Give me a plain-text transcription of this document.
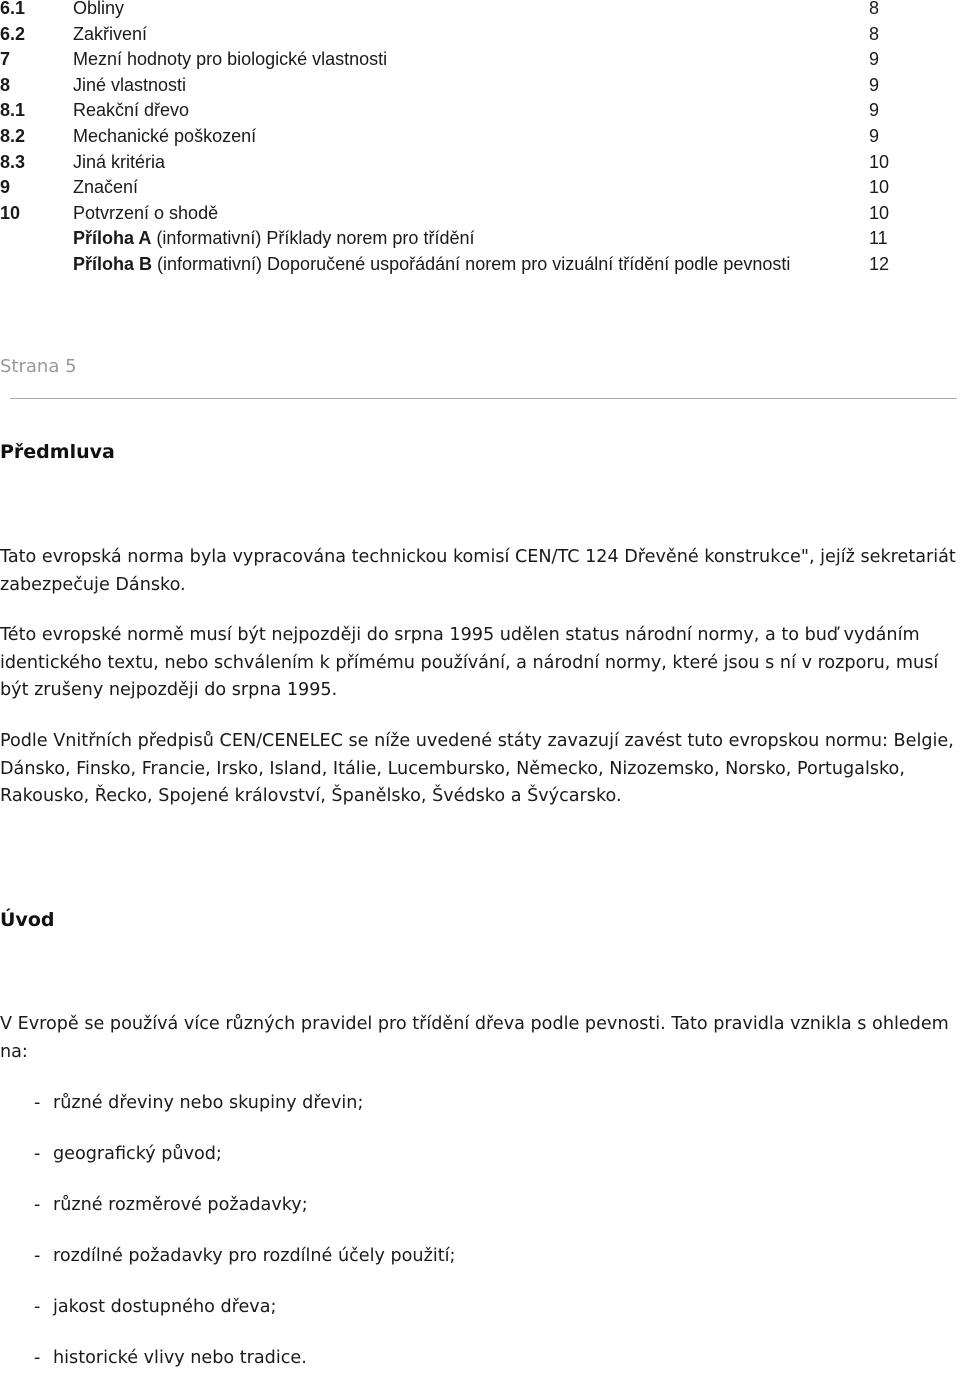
6.1	Obliny	8
6.2	Zakřivení	8
7	Mezní hodnoty pro biologické vlastnosti	9
8	Jiné vlastnosti	9
8.1	Reakční dřevo	9
8.2	Mechanické poškození	9
8.3	Jiná kritéria	10
9	Značení	10
10	Potvrzení o shodě	10
Příloha A (informativní) Příklady norem pro třídění	11
Příloha B (informativní) Doporučené uspořádání norem pro vizuální třídění podle pevnosti	12
Strana 5
Předmluva
Tato evropská norma byla vypracována technickou komisí CEN/TC 124 Dřevěné konstrukce", jejíž sekretariát zabezpečuje Dánsko.
Této evropské normě musí být nejpozději do srpna 1995 udělen status národní normy, a to buď vydáním identického textu, nebo schválením k přímému používání, a národní normy, které jsou s ní v rozporu, musí být zrušeny nejpozději do srpna 1995.
Podle Vnitřních předpisů CEN/CENELEC se níže uvedené státy zavazují zavést tuto evropskou normu: Belgie, Dánsko, Finsko, Francie, Irsko, Island, Itálie, Lucembursko, Německo, Nizozemsko, Norsko, Portugalsko, Rakousko, Řecko, Spojené království, Španělsko, Švédsko a Švýcarsko.
Úvod
V Evropě se používá více různých pravidel pro třídění dřeva podle pevnosti. Tato pravidla vznikla s ohledem na:
- různé dřeviny nebo skupiny dřevin;
- geografický původ;
- různé rozměrové požadavky;
- rozdílné požadavky pro rozdílné účely použití;
- jakost dostupného dřeva;
- historické vlivy nebo tradice.
